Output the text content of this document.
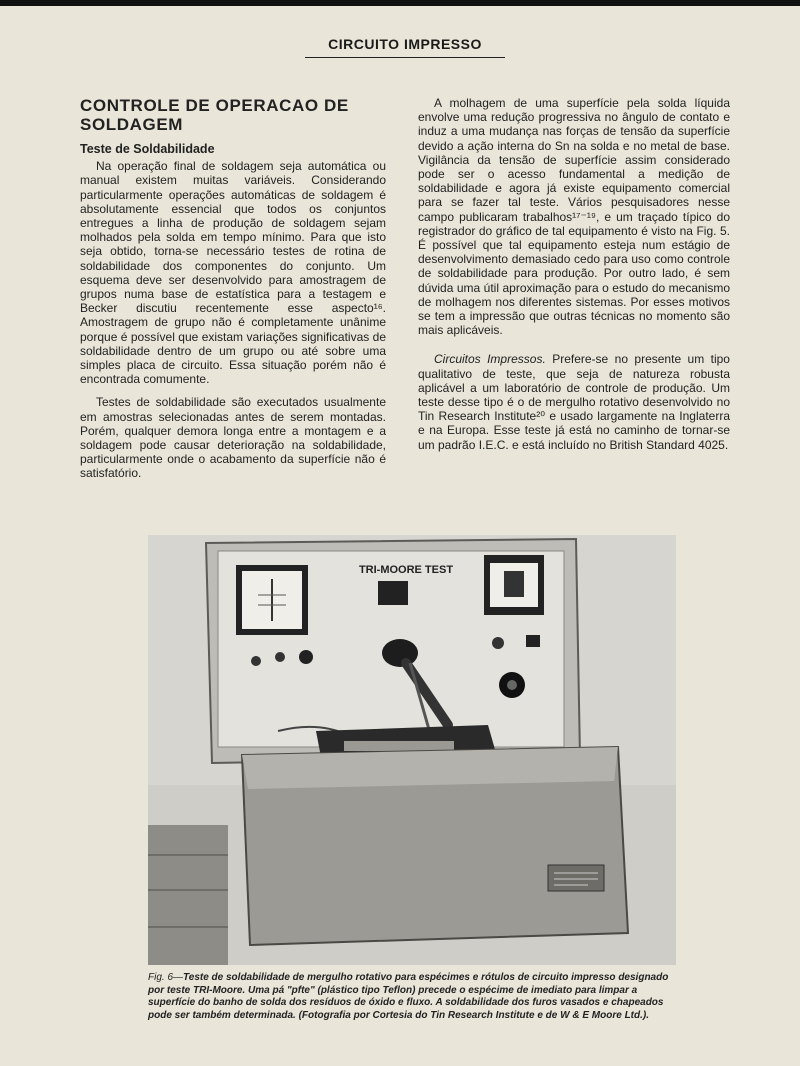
CIRCUITO IMPRESSO
CONTROLE DE OPERACAO DE
SOLDAGEM
Teste de Soldabilidade

Na operação final de soldagem seja automática ou manual existem muitas variáveis. Considerando particularmente operações automáticas de soldagem é absolutamente essencial que todos os conjuntos entregues a linha de produção de soldagem sejam molhados pela solda em tempo mínimo. Para que isto seja obtido, torna-se necessário testes de rotina de soldabilidade dos componentes do conjunto. Um esquema deve ser desenvolvido para amostragem de grupos numa base de estatística para a testagem e Becker discutiu recentemente esse aspecto¹⁶. Amostragem de grupo não é completamente unânime porque é possível que existam variações significativas de soldabilidade dentro de um grupo ou até sobre uma simples placa de circuito. Essa situação porém não é encontrada comumente.

Testes de soldabilidade são executados usualmente em amostras selecionadas antes de serem montadas. Porém, qualquer demora longa entre a montagem e a soldagem pode causar deterioração na soldabilidade, particularmente onde o acabamento da superfície não é satisfatório.

A molhagem de uma superfície pela solda líquida envolve uma redução progressiva no ângulo de contato e induz a uma mudança nas forças de tensão da superfície devido a ação interna do Sn na solda e no metal de base. Vigilância da tensão de superfície assim considerado pode ser o acesso fundamental a medição de soldabilidade e agora já existe equipamento comercial para se fazer tal teste. Vários pesquisadores nesse campo publicaram trabalhos¹⁷⁻¹⁹, e um traçado típico do registrador do gráfico de tal equipamento é visto na Fig. 5. É possível que tal equipamento esteja num estágio de desenvolvimento demasiado cedo para uso como controle de soldabilidade para produção. Por outro lado, é sem dúvida uma útil aproximação para o estudo do mecanismo de molhagem nos diferentes sistemas. Por esses motivos se tem a impressão que outras técnicas no momento são mais aplicáveis.

Circuitos Impressos. Prefere-se no presente um tipo qualitativo de teste, que seja de natureza robusta aplicável a um laboratório de controle de produção. Um teste desse tipo é o de mergulho rotativo desenvolvido no Tin Research Institute²⁰ e usado largamente na Inglaterra e na Europa. Esse teste já está no caminho de tornar-se um padrão I.E.C. e está incluído no British Standard 4025.

TRI-MOORE TEST
Fig. 6—Teste de soldabilidade de mergulho rotativo para espécimes e rótulos de circuito impresso designado por teste TRI-Moore. Uma pá "pfte" (plástico tipo Teflon) precede o espécime de imediato para limpar a superfície do banho de solda dos resíduos de óxido e fluxo. A soldabilidade dos furos vasados e chapeados pode ser também determinada. (Fotografia por Cortesia do Tin Research Institute e de W & E Moore Ltd.).
